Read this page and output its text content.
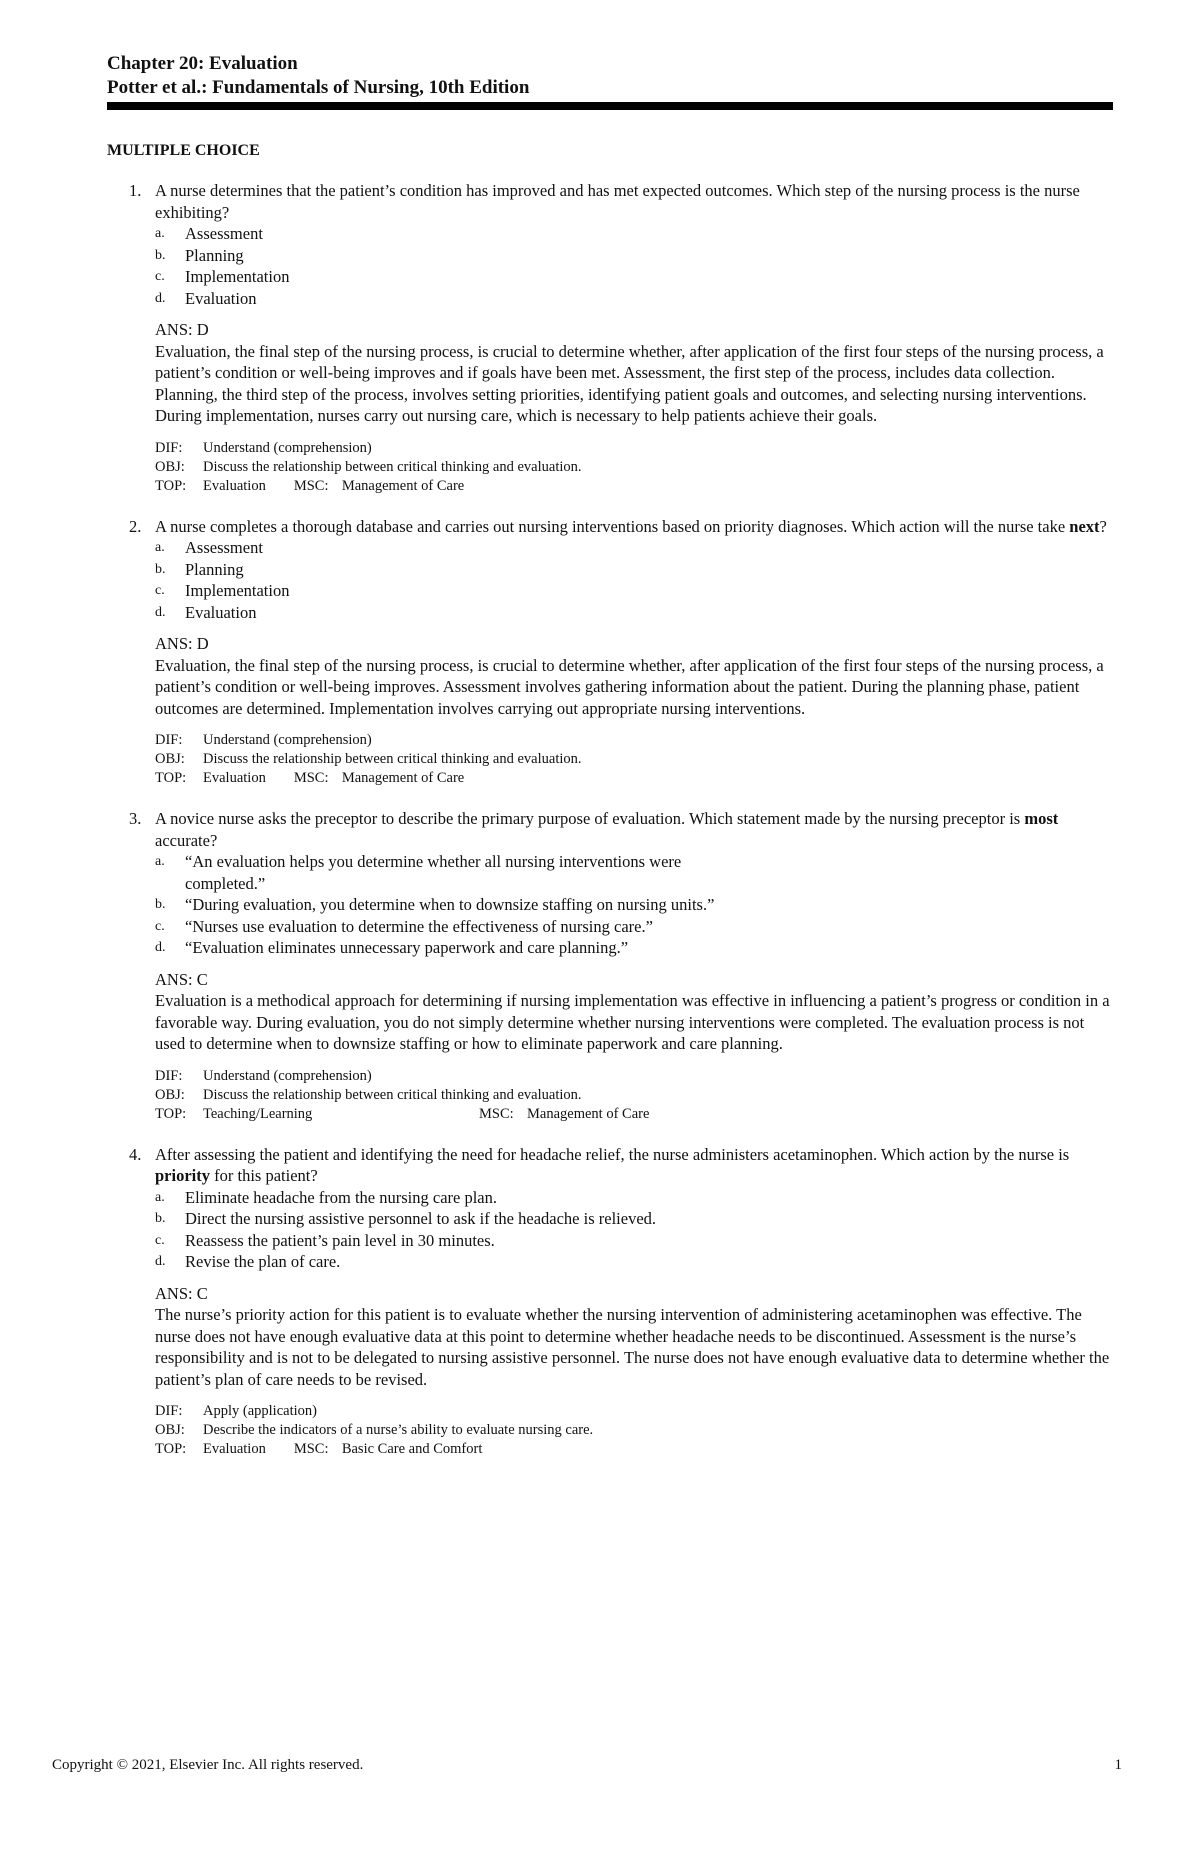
Chapter 20: Evaluation
Potter et al.: Fundamentals of Nursing, 10th Edition
MULTIPLE CHOICE
1. A nurse determines that the patient’s condition has improved and has met expected outcomes. Which step of the nursing process is the nurse exhibiting?

a. Assessment
b. Planning
c. Implementation
d. Evaluation
ANS: D

Evaluation, the final step of the nursing process, is crucial to determine whether, after application of the first four steps of the nursing process, a patient’s condition or well-being improves and if goals have been met. Assessment, the first step of the process, includes data collection. Planning, the third step of the process, involves setting priorities, identifying patient goals and outcomes, and selecting nursing interventions. During implementation, nurses carry out nursing care, which is necessary to help patients achieve their goals.

DIF:	Understand (comprehension)
OBJ:	Discuss the relationship between critical thinking and evaluation.
TOP:	Evaluation MSC: Management of Care
2. A nurse completes a thorough database and carries out nursing interventions based on priority diagnoses. Which action will the nurse take next?

a. Assessment
b. Planning
c. Implementation
d. Evaluation
ANS: D

Evaluation, the final step of the nursing process, is crucial to determine whether, after application of the first four steps of the nursing process, a patient’s condition or well-being improves. Assessment involves gathering information about the patient. During the planning phase, patient outcomes are determined. Implementation involves carrying out appropriate nursing interventions.

DIF:	Understand (comprehension)
OBJ:	Discuss the relationship between critical thinking and evaluation.
TOP:	Evaluation MSC: Management of Care
3. A novice nurse asks the preceptor to describe the primary purpose of evaluation. Which statement made by the nursing preceptor is most accurate?

a. “An evaluation helps you determine whether all nursing interventions were completed.”
b. “During evaluation, you determine when to downsize staffing on nursing units.”
c. “Nurses use evaluation to determine the effectiveness of nursing care.”
d. “Evaluation eliminates unnecessary paperwork and care planning.”
ANS: C

Evaluation is a methodical approach for determining if nursing implementation was effective in influencing a patient’s progress or condition in a favorable way. During evaluation, you do not simply determine whether nursing interventions were completed. The evaluation process is not used to determine when to downsize staffing or how to eliminate paperwork and care planning.

DIF:	Understand (comprehension)
OBJ:	Discuss the relationship between critical thinking and evaluation.
TOP:	Teaching/Learning	MSC: Management of Care
4. After assessing the patient and identifying the need for headache relief, the nurse administers acetaminophen. Which action by the nurse is priority for this patient?

a. Eliminate headache from the nursing care plan.
b. Direct the nursing assistive personnel to ask if the headache is relieved.
c. Reassess the patient’s pain level in 30 minutes.
d. Revise the plan of care.
ANS: C

The nurse’s priority action for this patient is to evaluate whether the nursing intervention of administering acetaminophen was effective. The nurse does not have enough evaluative data at this point to determine whether headache needs to be discontinued. Assessment is the nurse’s responsibility and is not to be delegated to nursing assistive personnel. The nurse does not have enough evaluative data to determine whether the patient’s plan of care needs to be revised.

DIF:	Apply (application)
OBJ:	Describe the indicators of a nurse’s ability to evaluate nursing care.
TOP:	Evaluation MSC: Basic Care and Comfort
Copyright © 2021, Elsevier Inc. All rights reserved.	1
